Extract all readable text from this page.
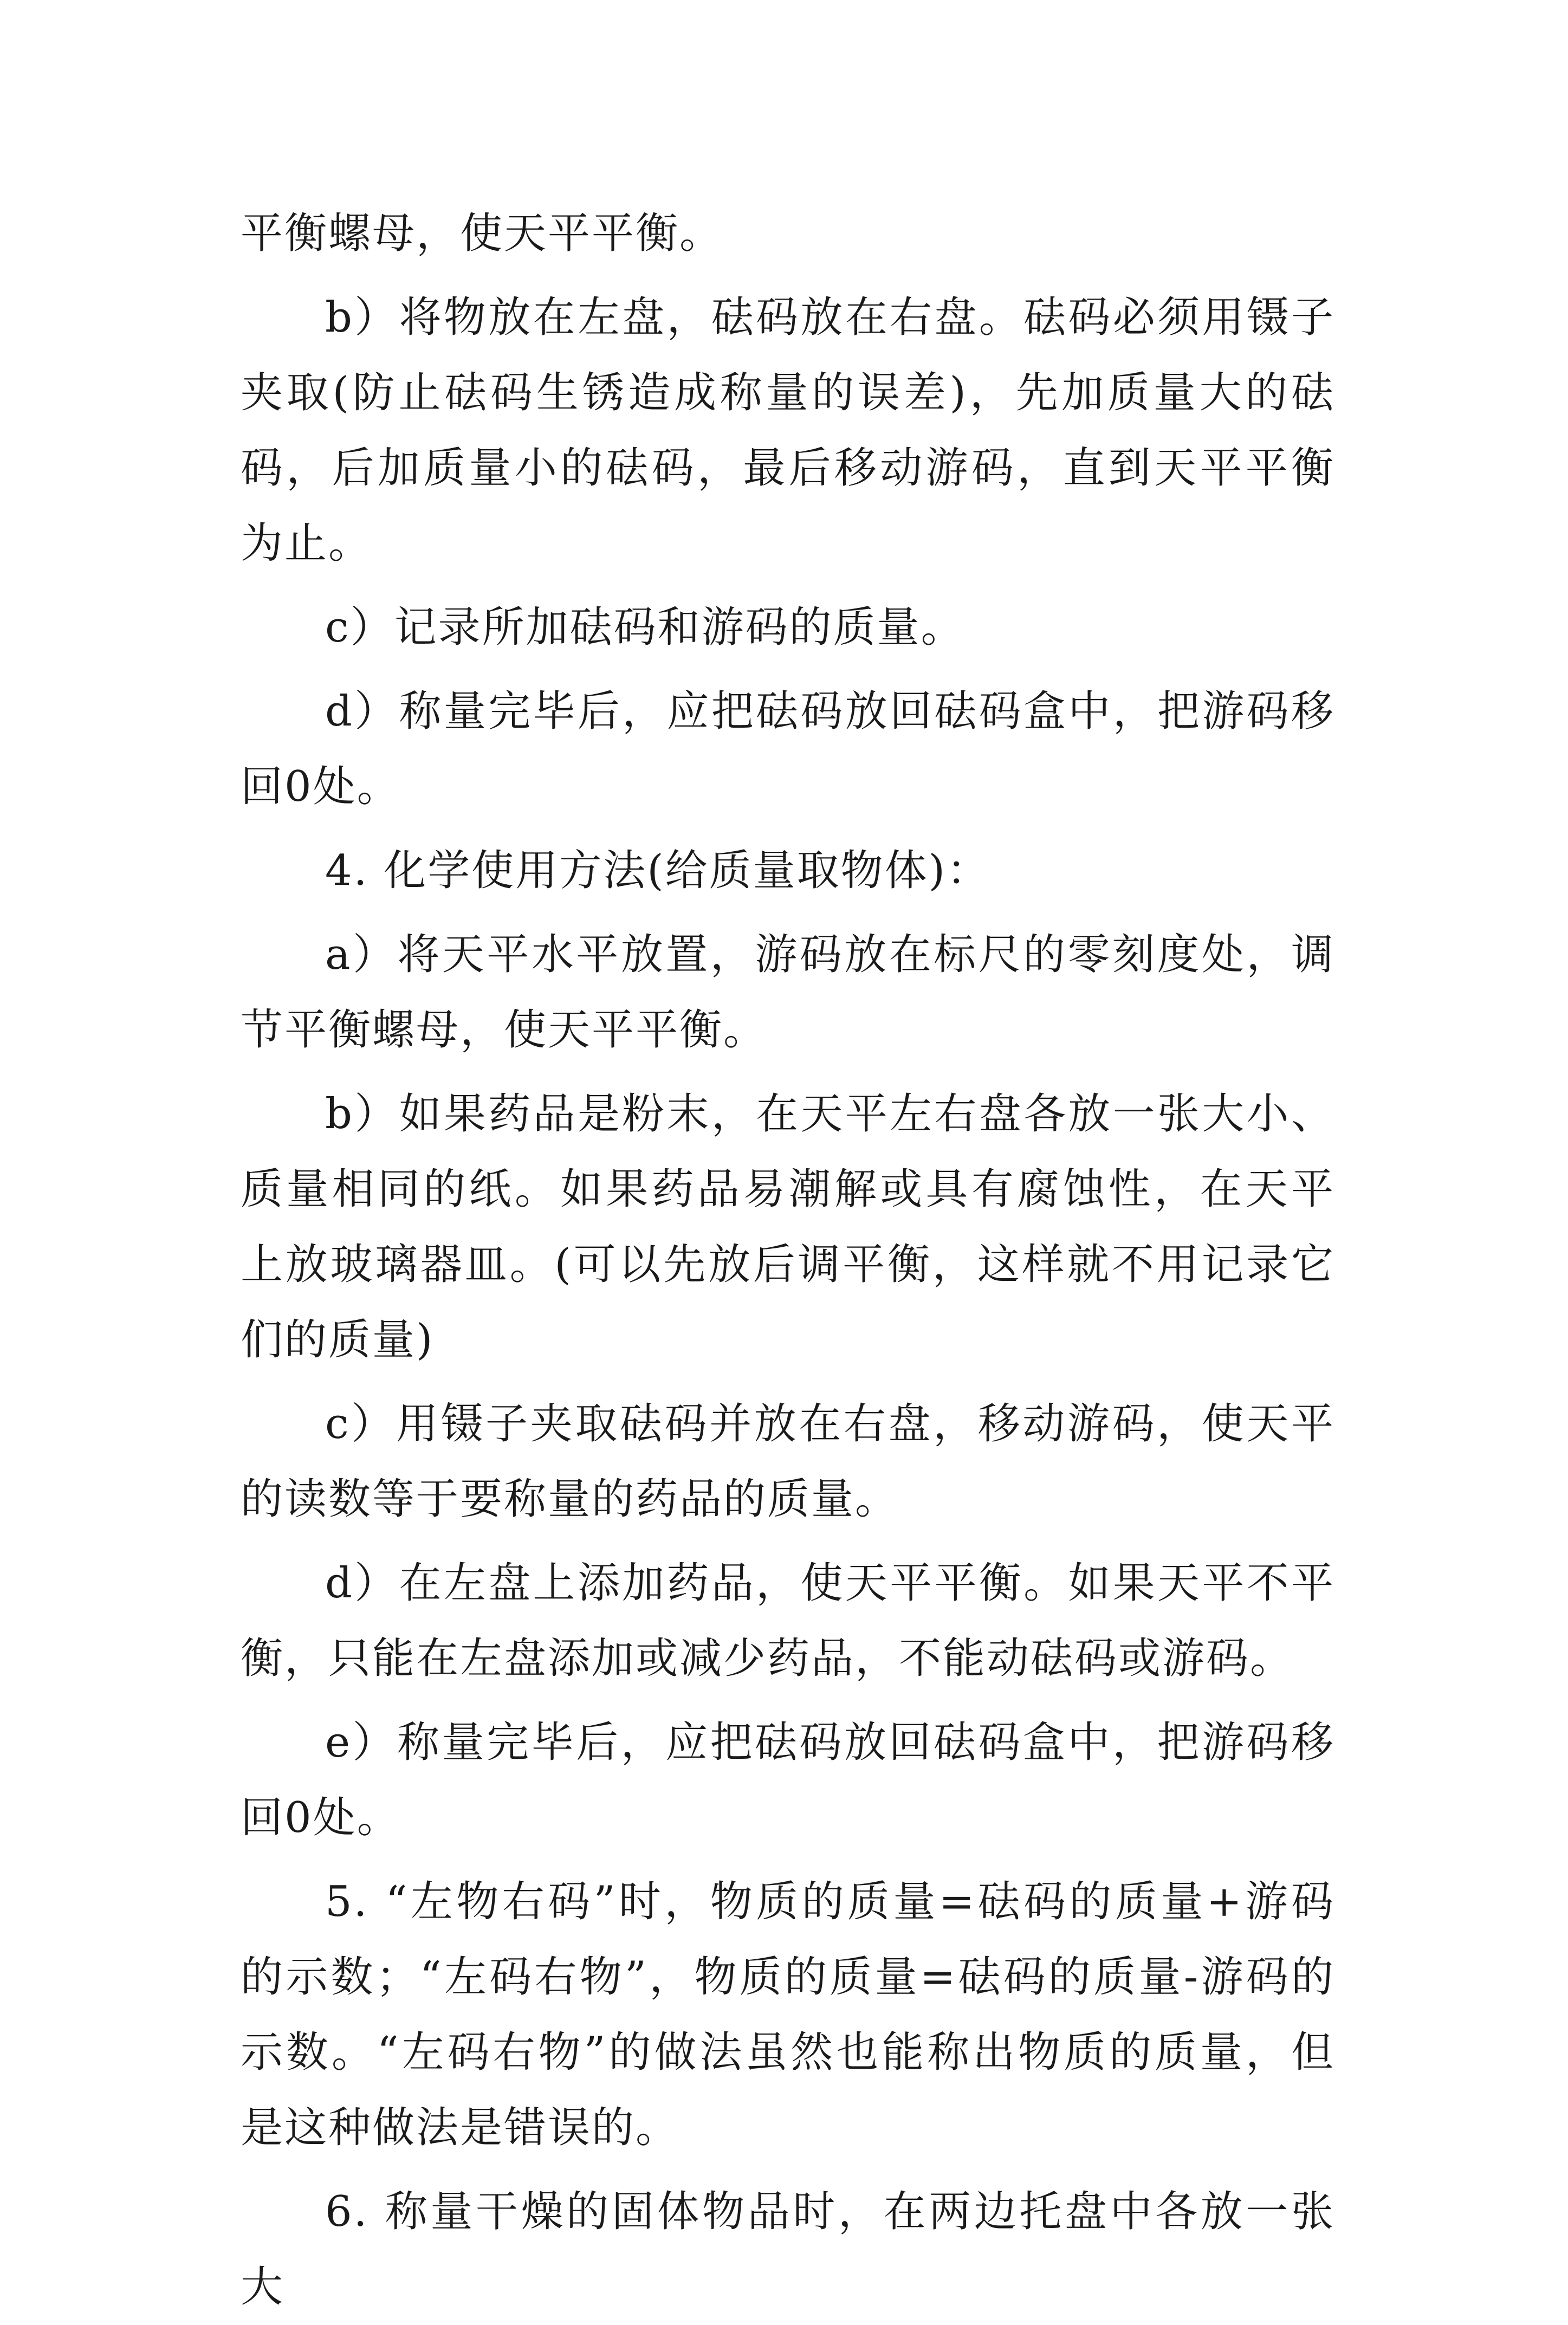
平衡螺母，使天平平衡。

b）将物放在左盘，砝码放在右盘。砝码必须用镊子夹取(防止砝码生锈造成称量的误差)，先加质量大的砝码，后加质量小的砝码，最后移动游码，直到天平平衡为止。

c）记录所加砝码和游码的质量。

d）称量完毕后，应把砝码放回砝码盒中，把游码移回0处。

4. 化学使用方法(给质量取物体)：

a）将天平水平放置，游码放在标尺的零刻度处，调节平衡螺母，使天平平衡。

b）如果药品是粉末，在天平左右盘各放一张大小、质量相同的纸。如果药品易潮解或具有腐蚀性，在天平上放玻璃器皿。(可以先放后调平衡，这样就不用记录它们的质量)

c）用镊子夹取砝码并放在右盘，移动游码，使天平的读数等于要称量的药品的质量。

d）在左盘上添加药品，使天平平衡。如果天平不平衡，只能在左盘添加或减少药品，不能动砝码或游码。

e）称量完毕后，应把砝码放回砝码盒中，把游码移回0处。

5. “左物右码”时，物质的质量=砝码的质量+游码的示数；“左码右物”，物质的质量=砝码的质量-游码的示数。“左码右物”的做法虽然也能称出物质的质量，但是这种做法是错误的。

6. 称量干燥的固体物品时，在两边托盘中各放一张大
